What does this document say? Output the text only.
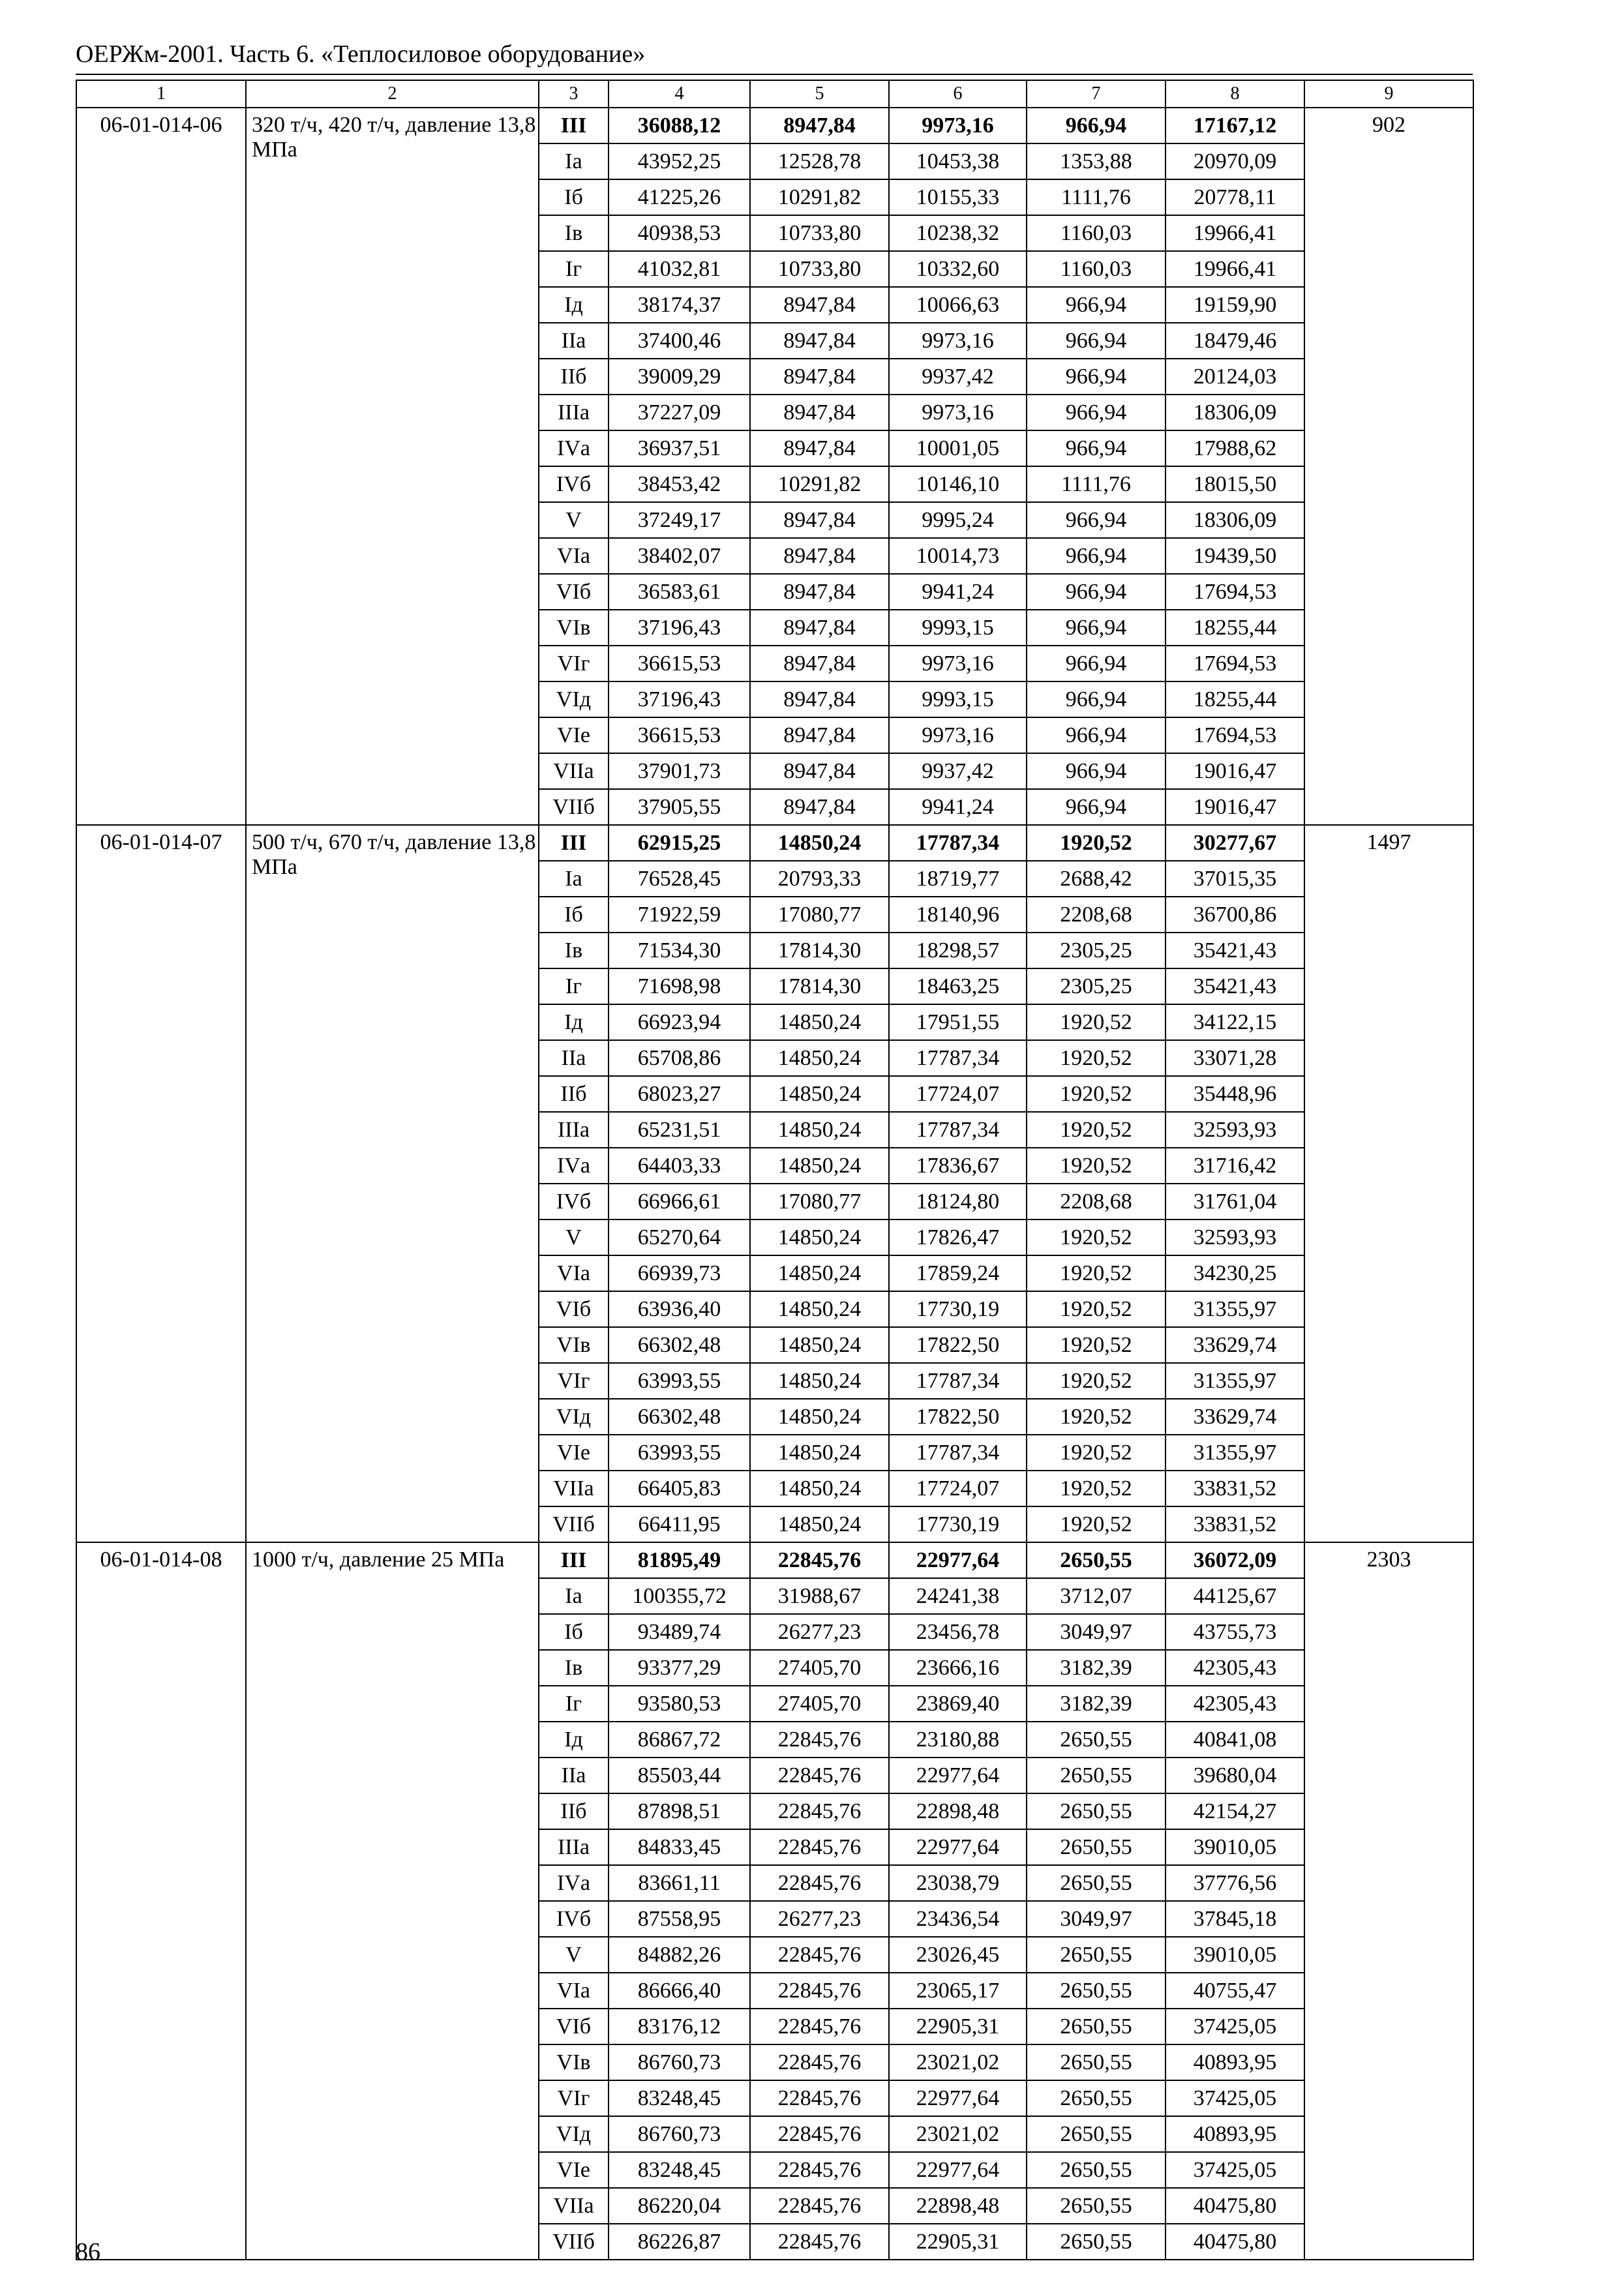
ОЕРЖм-2001. Часть 6. «Теплосиловое оборудование»
1	2	3	4	5	6	7	8	9
06-01-014-06	320 т/ч, 420 т/ч, давление 13,8 МПа	III	36088,12	8947,84	9973,16	966,94	17167,12	902
		Iа	43952,25	12528,78	10453,38	1353,88	20970,09	
		Iб	41225,26	10291,82	10155,33	1111,76	20778,11	
		Iв	40938,53	10733,80	10238,32	1160,03	19966,41	
		Iг	41032,81	10733,80	10332,60	1160,03	19966,41	
		Iд	38174,37	8947,84	10066,63	966,94	19159,90	
		IIа	37400,46	8947,84	9973,16	966,94	18479,46	
		IIб	39009,29	8947,84	9937,42	966,94	20124,03	
		IIIа	37227,09	8947,84	9973,16	966,94	18306,09	
		IVа	36937,51	8947,84	10001,05	966,94	17988,62	
		IVб	38453,42	10291,82	10146,10	1111,76	18015,50	
		V	37249,17	8947,84	9995,24	966,94	18306,09	
		VIа	38402,07	8947,84	10014,73	966,94	19439,50	
		VIб	36583,61	8947,84	9941,24	966,94	17694,53	
		VIв	37196,43	8947,84	9993,15	966,94	18255,44	
		VIг	36615,53	8947,84	9973,16	966,94	17694,53	
		VIд	37196,43	8947,84	9993,15	966,94	18255,44	
		VIе	36615,53	8947,84	9973,16	966,94	17694,53	
		VIIа	37901,73	8947,84	9937,42	966,94	19016,47	
		VIIб	37905,55	8947,84	9941,24	966,94	19016,47	
06-01-014-07	500 т/ч, 670 т/ч, давление 13,8 МПа	III	62915,25	14850,24	17787,34	1920,52	30277,67	1497
		Iа	76528,45	20793,33	18719,77	2688,42	37015,35	
		Iб	71922,59	17080,77	18140,96	2208,68	36700,86	
		Iв	71534,30	17814,30	18298,57	2305,25	35421,43	
		Iг	71698,98	17814,30	18463,25	2305,25	35421,43	
		Iд	66923,94	14850,24	17951,55	1920,52	34122,15	
		IIа	65708,86	14850,24	17787,34	1920,52	33071,28	
		IIб	68023,27	14850,24	17724,07	1920,52	35448,96	
		IIIа	65231,51	14850,24	17787,34	1920,52	32593,93	
		IVа	64403,33	14850,24	17836,67	1920,52	31716,42	
		IVб	66966,61	17080,77	18124,80	2208,68	31761,04	
		V	65270,64	14850,24	17826,47	1920,52	32593,93	
		VIа	66939,73	14850,24	17859,24	1920,52	34230,25	
		VIб	63936,40	14850,24	17730,19	1920,52	31355,97	
		VIв	66302,48	14850,24	17822,50	1920,52	33629,74	
		VIг	63993,55	14850,24	17787,34	1920,52	31355,97	
		VIд	66302,48	14850,24	17822,50	1920,52	33629,74	
		VIе	63993,55	14850,24	17787,34	1920,52	31355,97	
		VIIа	66405,83	14850,24	17724,07	1920,52	33831,52	
		VIIб	66411,95	14850,24	17730,19	1920,52	33831,52	
06-01-014-08	1000 т/ч, давление 25 МПа	III	81895,49	22845,76	22977,64	2650,55	36072,09	2303
		Iа	100355,72	31988,67	24241,38	3712,07	44125,67	
		Iб	93489,74	26277,23	23456,78	3049,97	43755,73	
		Iв	93377,29	27405,70	23666,16	3182,39	42305,43	
		Iг	93580,53	27405,70	23869,40	3182,39	42305,43	
		Iд	86867,72	22845,76	23180,88	2650,55	40841,08	
		IIа	85503,44	22845,76	22977,64	2650,55	39680,04	
		IIб	87898,51	22845,76	22898,48	2650,55	42154,27	
		IIIа	84833,45	22845,76	22977,64	2650,55	39010,05	
		IVа	83661,11	22845,76	23038,79	2650,55	37776,56	
		IVб	87558,95	26277,23	23436,54	3049,97	37845,18	
		V	84882,26	22845,76	23026,45	2650,55	39010,05	
		VIа	86666,40	22845,76	23065,17	2650,55	40755,47	
		VIб	83176,12	22845,76	22905,31	2650,55	37425,05	
		VIв	86760,73	22845,76	23021,02	2650,55	40893,95	
		VIг	83248,45	22845,76	22977,64	2650,55	37425,05	
		VIд	86760,73	22845,76	23021,02	2650,55	40893,95	
		VIе	83248,45	22845,76	22977,64	2650,55	37425,05	
		VIIа	86220,04	22845,76	22898,48	2650,55	40475,80	
		VIIб	86226,87	22845,76	22905,31	2650,55	40475,80	
86
